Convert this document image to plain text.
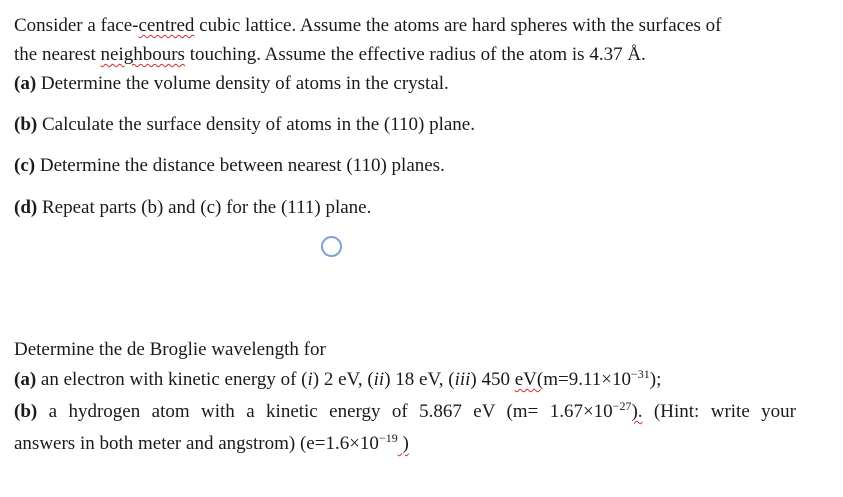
Consider a face-centred cubic lattice. Assume the atoms are hard spheres with the surfaces of
the nearest neighbours touching. Assume the effective radius of the atom is 4.37 Å.
(a) Determine the volume density of atoms in the crystal.
(b) Calculate the surface density of atoms in the (110) plane.
(c) Determine the distance between nearest (110) planes.
(d) Repeat parts (b) and (c) for the (111) plane.
Determine the de Broglie wavelength for
(a) an electron with kinetic energy of (i) 2 eV, (ii) 18 eV, (iii) 450 $eV(m=9.11\times 10^{-31})$;
(b) a hydrogen atom with a kinetic energy of 5.867 eV $(m= 1.67\times 10^{-27})$. (Hint: write your
answers in both meter and angstrom) ($e=1.6\times 10^{-19}$ )
